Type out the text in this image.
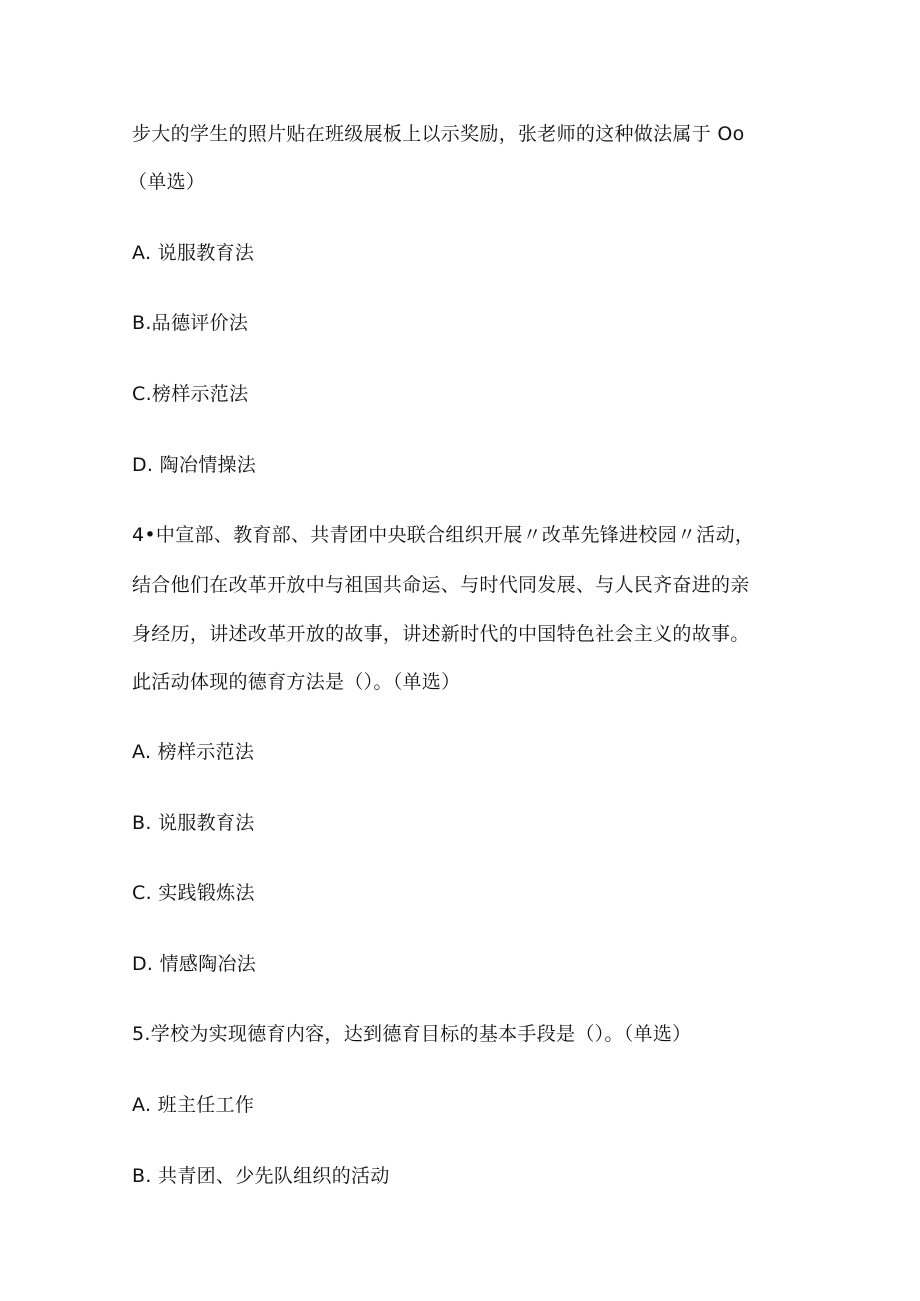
步大的学生的照片贴在班级展板上以示奖励，张老师的这种做法属于 Oo
（单选）
A. 说服教育法
B.品德评价法
C.榜样示范法
D. 陶冶情操法
4•中宣部、教育部、共青团中央联合组织开展〃改革先锋进校园〃活动，
结合他们在改革开放中与祖国共命运、与时代同发展、与人民齐奋进的亲
身经历，讲述改革开放的故事，讲述新时代的中国特色社会主义的故事。
此活动体现的德育方法是（）。（单选）
A. 榜样示范法
B. 说服教育法
C. 实践锻炼法
D. 情感陶冶法
5.学校为实现德育内容，达到德育目标的基本手段是（）。（单选）
A. 班主任工作
B. 共青团、少先队组织的活动
